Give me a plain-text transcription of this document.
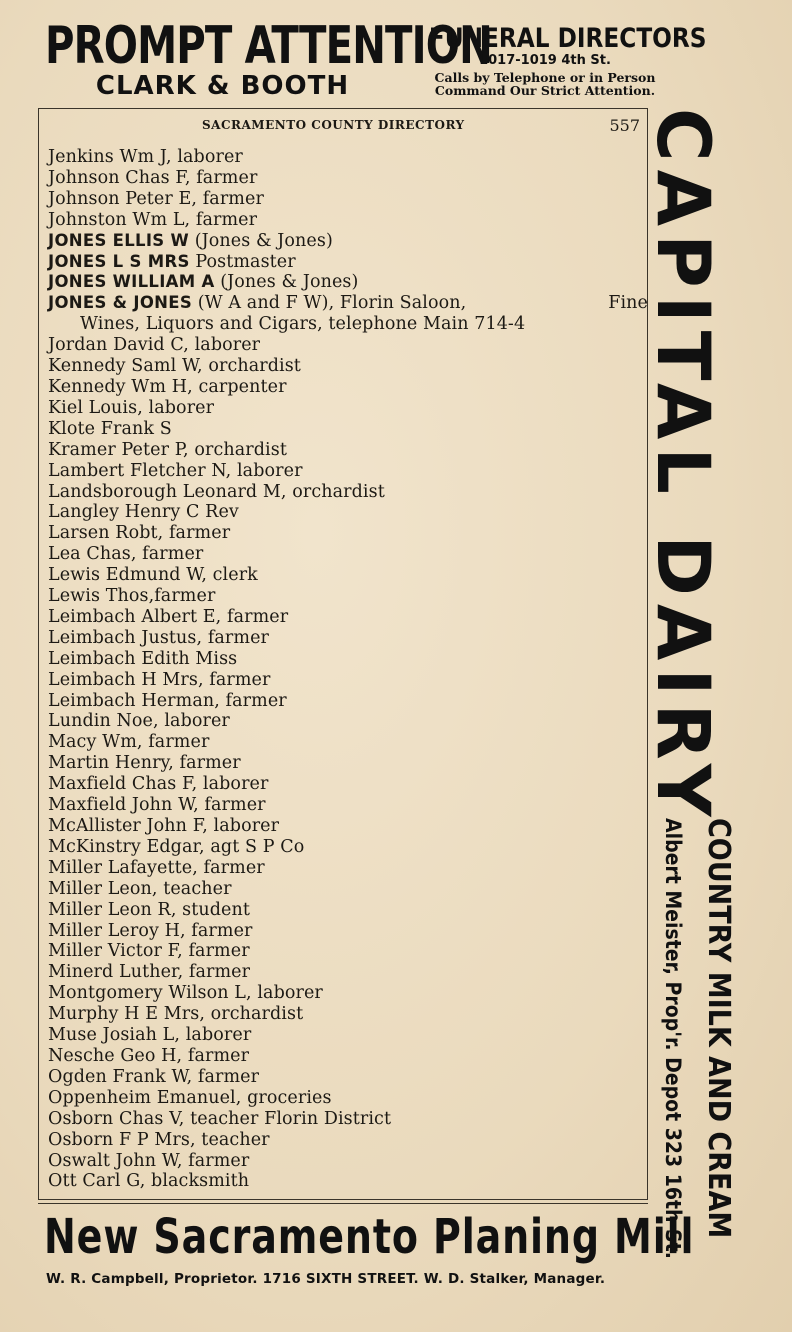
PROMPT ATTENTION
CLARK & BOOTH
FUNERAL DIRECTORS
1017-1019 4th St.
Calls by Telephone or in Person Command Our Strict Attention.
SACRAMENTO COUNTY DIRECTORY	557
Jenkins Wm J, laborer
Johnson Chas F, farmer
Johnson Peter E, farmer
Johnston Wm L, farmer
JONES ELLIS W (Jones & Jones)
JONES L S MRS Postmaster
JONES WILLIAM A (Jones & Jones)
JONES & JONES (W A and F W), Florin Saloon,	Fine
Wines, Liquors and Cigars, telephone Main 714-4
Jordan David C, laborer
Kennedy Saml W, orchardist
Kennedy Wm H, carpenter
Kiel Louis, laborer
Klote Frank S
Kramer Peter P, orchardist
Lambert Fletcher N, laborer
Landsborough Leonard M, orchardist
Langley Henry C Rev
Larsen Robt, farmer
Lea Chas, farmer
Lewis Edmund W, clerk
Lewis Thos,farmer
Leimbach Albert E, farmer
Leimbach Justus, farmer
Leimbach Edith Miss
Leimbach H Mrs, farmer
Leimbach Herman, farmer
Lundin Noe, laborer
Macy Wm, farmer
Martin Henry, farmer
Maxfield Chas F, laborer
Maxfield John W, farmer
McAllister John F, laborer
McKinstry Edgar, agt S P Co
Miller Lafayette, farmer
Miller Leon, teacher
Miller Leon R, student
Miller Leroy H, farmer
Miller Victor F, farmer
Minerd Luther, farmer
Montgomery Wilson L, laborer
Murphy H E Mrs, orchardist
Muse Josiah L, laborer
Nesche Geo H, farmer
Ogden Frank W, farmer
Oppenheim Emanuel, groceries
Osborn Chas V, teacher Florin District
Osborn F P Mrs, teacher
Oswalt John W, farmer
Ott Carl G, blacksmith
CAPITAL DAIRY
COUNTRY MILK AND CREAM
Albert Meister, Prop'r. Depot 323 16th St.
New Sacramento Planing Mill
W. R. Campbell, Proprietor. 1716 SIXTH STREET. W. D. Stalker, Manager.
